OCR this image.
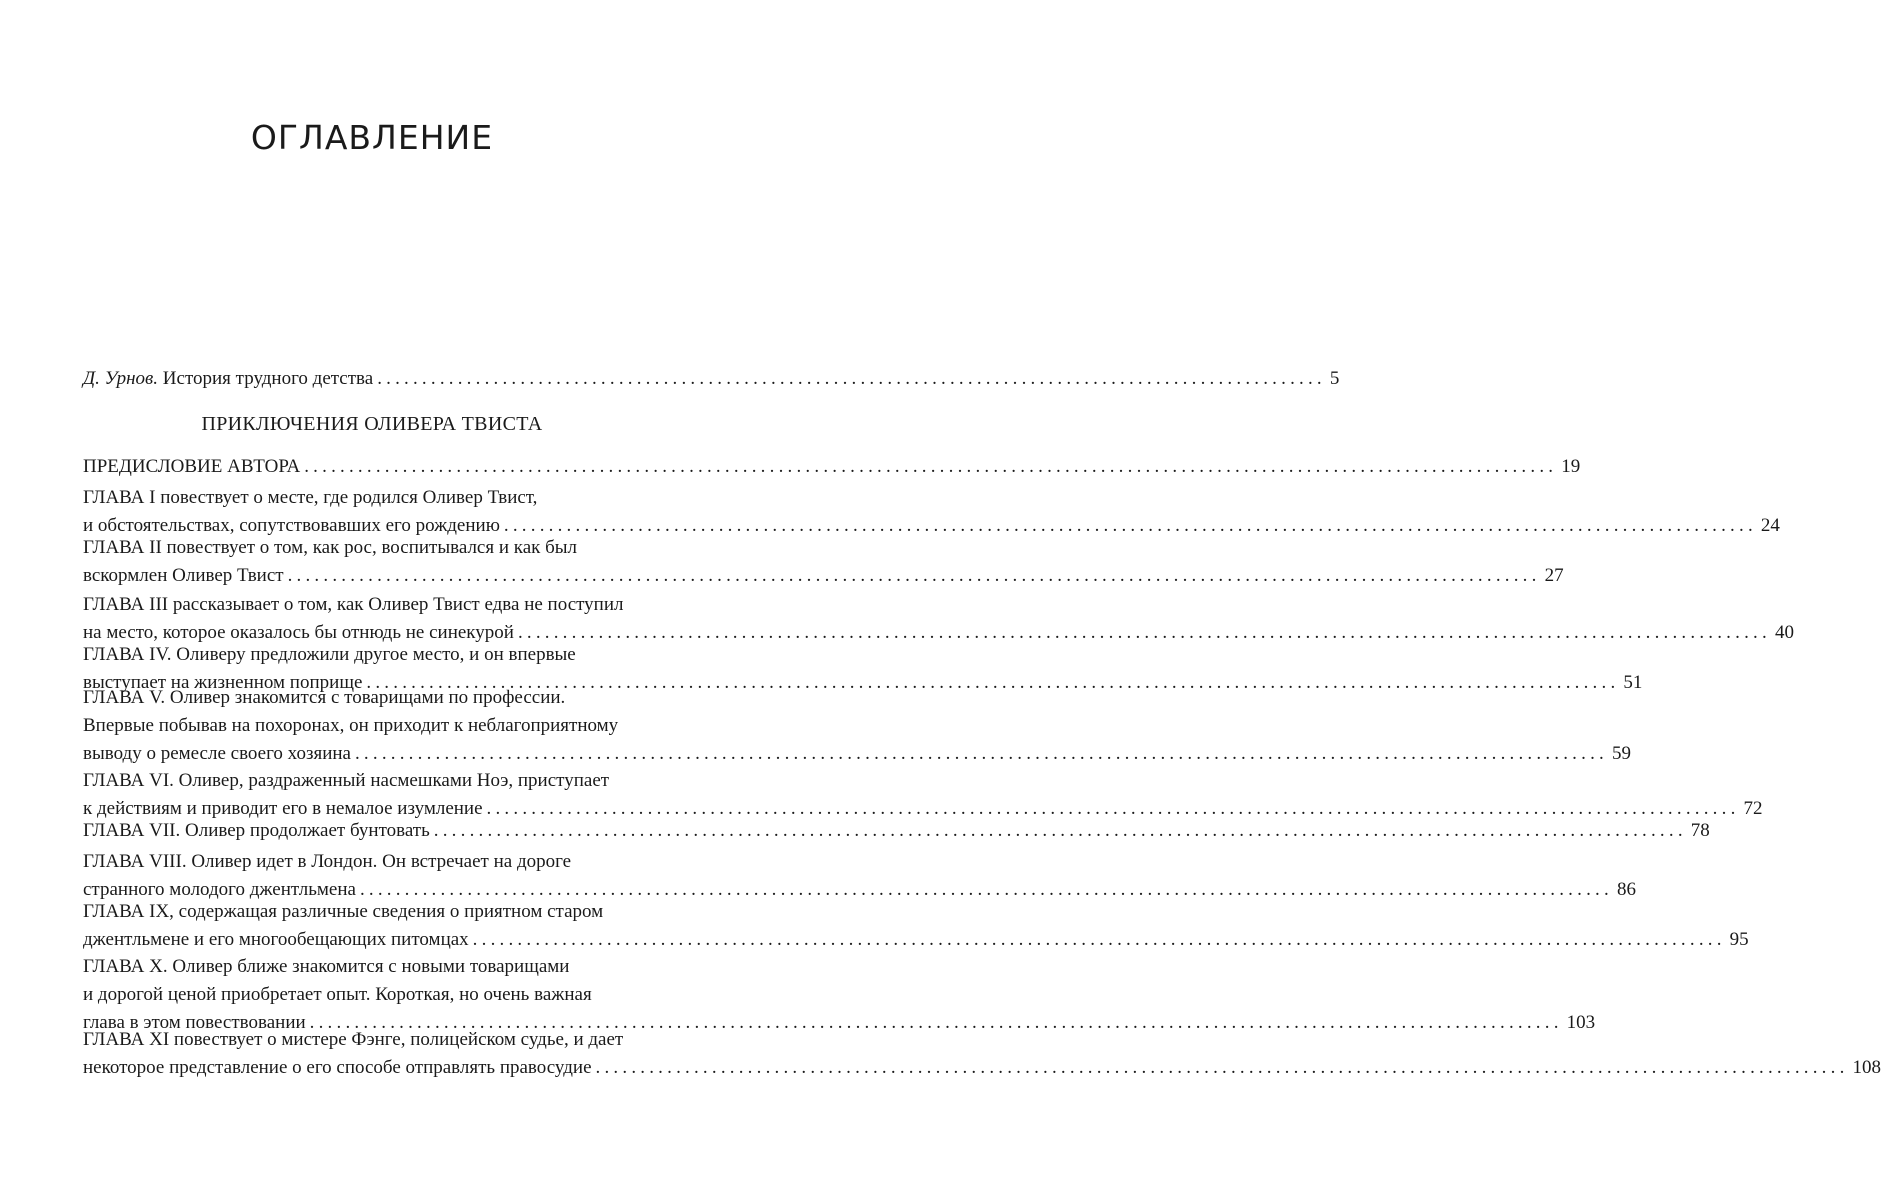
ОГЛАВЛЕНИЕ
Д. Урнов. История трудного детства .......................................................................................................... 5
ПРИКЛЮЧЕНИЯ ОЛИВЕРА ТВИСТА
ПРЕДИСЛОВИЕ АВТОРА ............................................................................................................................................ 19
ГЛАВА I повествует о месте, где родился Оливер Твист,
и обстоятельствах, сопутствовавших его рождению ............................................................................................................................................ 24
ГЛАВА II повествует о том, как рос, воспитывался и как был
вскормлен Оливер Твист ............................................................................................................................................ 27
ГЛАВА III рассказывает о том, как Оливер Твист едва не поступил
на место, которое оказалось бы отнюдь не синекурой ............................................................................................................................................ 40
ГЛАВА IV. Оливеру предложили другое место, и он впервые
выступает на жизненном поприще ............................................................................................................................................ 51
ГЛАВА V. Оливер знакомится с товарищами по профессии.
Впервые побывав на похоронах, он приходит к неблагоприятному
выводу о ремесле своего хозяина ............................................................................................................................................ 59
ГЛАВА VI. Оливер, раздраженный насмешками Ноэ, приступает
к действиям и приводит его в немалое изумление ............................................................................................................................................ 72
ГЛАВА VII. Оливер продолжает бунтовать ............................................................................................................................................ 78
ГЛАВА VIII. Оливер идет в Лондон. Он встречает на дороге
странного молодого джентльмена ............................................................................................................................................ 86
ГЛАВА IX, содержащая различные сведения о приятном старом
джентльмене и его многообещающих питомцах ............................................................................................................................................ 95
ГЛАВА X. Оливер ближе знакомится с новыми товарищами
и дорогой ценой приобретает опыт. Короткая, но очень важная
глава в этом повествовании ............................................................................................................................................ 103
ГЛАВА XI повествует о мистере Фэнге, полицейском судье, и дает
некоторое представление о его способе отправлять правосудие ............................................................................................................................................ 108
